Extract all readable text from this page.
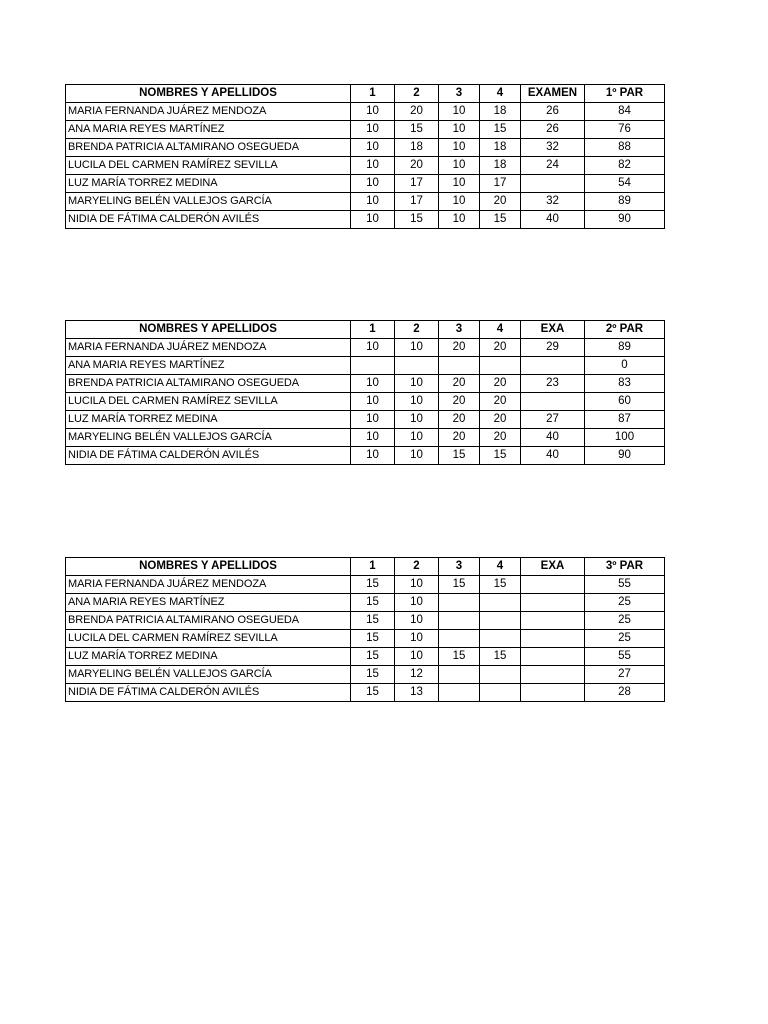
NOMBRES Y APELLIDOS	1	2	3	4	EXAMEN	1º PAR
MARIA FERNANDA JUÁREZ MENDOZA	10	20	10	18	26	84
ANA MARIA REYES MARTÍNEZ	10	15	10	15	26	76
BRENDA PATRICIA ALTAMIRANO OSEGUEDA	10	18	10	18	32	88
LUCILA DEL CARMEN RAMÍREZ SEVILLA	10	20	10	18	24	82
LUZ MARÍA TORREZ MEDINA	10	17	10	17		54
MARYELING BELÉN VALLEJOS GARCÍA	10	17	10	20	32	89
NIDIA DE FÁTIMA CALDERÓN AVILÉS	10	15	10	15	40	90
NOMBRES Y APELLIDOS	1	2	3	4	EXA	2º PAR
MARIA FERNANDA JUÁREZ MENDOZA	10	10	20	20	29	89
ANA MARIA REYES MARTÍNEZ						0
BRENDA PATRICIA ALTAMIRANO OSEGUEDA	10	10	20	20	23	83
LUCILA DEL CARMEN RAMÍREZ SEVILLA	10	10	20	20		60
LUZ MARÍA TORREZ MEDINA	10	10	20	20	27	87
MARYELING BELÉN VALLEJOS GARCÍA	10	10	20	20	40	100
NIDIA DE FÁTIMA CALDERÓN AVILÉS	10	10	15	15	40	90
NOMBRES Y APELLIDOS	1	2	3	4	EXA	3º PAR
MARIA FERNANDA JUÁREZ MENDOZA	15	10	15	15		55
ANA MARIA REYES MARTÍNEZ	15	10				25
BRENDA PATRICIA ALTAMIRANO OSEGUEDA	15	10				25
LUCILA DEL CARMEN RAMÍREZ SEVILLA	15	10				25
LUZ MARÍA TORREZ MEDINA	15	10	15	15		55
MARYELING BELÉN VALLEJOS GARCÍA	15	12				27
NIDIA DE FÁTIMA CALDERÓN AVILÉS	15	13				28
